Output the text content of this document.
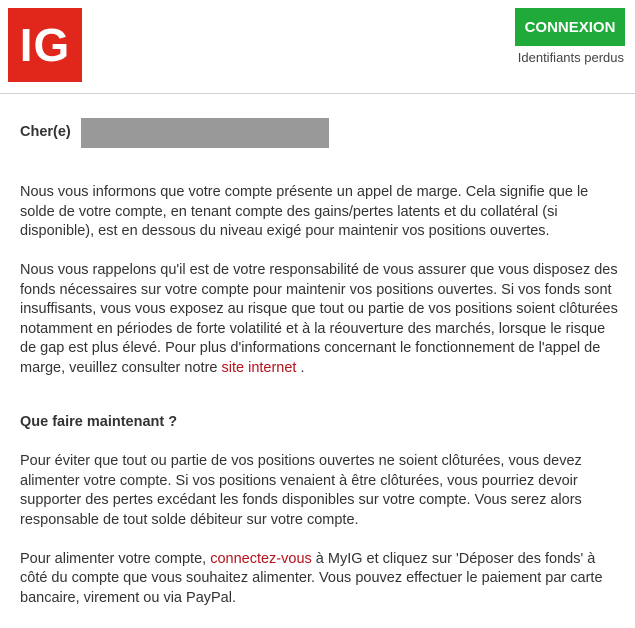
IG	CONNEXION
Identifiants perdus
Cher(e)

Nous vous informons que votre compte présente un appel de marge. Cela signifie que le solde de votre compte, en tenant compte des gains/pertes latents et du collatéral (si disponible), est en dessous du niveau exigé pour maintenir vos positions ouvertes.

Nous vous rappelons qu'il est de votre responsabilité de vous assurer que vous disposez des fonds nécessaires sur votre compte pour maintenir vos positions ouvertes. Si vos fonds sont insuffisants, vous vous exposez au risque que tout ou partie de vos positions soient clôturées notamment en périodes de forte volatilité et à la réouverture des marchés, lorsque le risque de gap est plus élevé. Pour plus d'informations concernant le fonctionnement de l'appel de marge, veuillez consulter notre site internet .

Que faire maintenant ?

Pour éviter que tout ou partie de vos positions ouvertes ne soient clôturées, vous devez alimenter votre compte. Si vos positions venaient à être clôturées, vous pourriez devoir supporter des pertes excédant les fonds disponibles sur votre compte. Vous serez alors responsable de tout solde débiteur sur votre compte.

Pour alimenter votre compte, connectez-vous à MyIG et cliquez sur 'Déposer des fonds' à côté du compte que vous souhaitez alimenter. Vous pouvez effectuer le paiement par carte bancaire, virement ou via PayPal.
